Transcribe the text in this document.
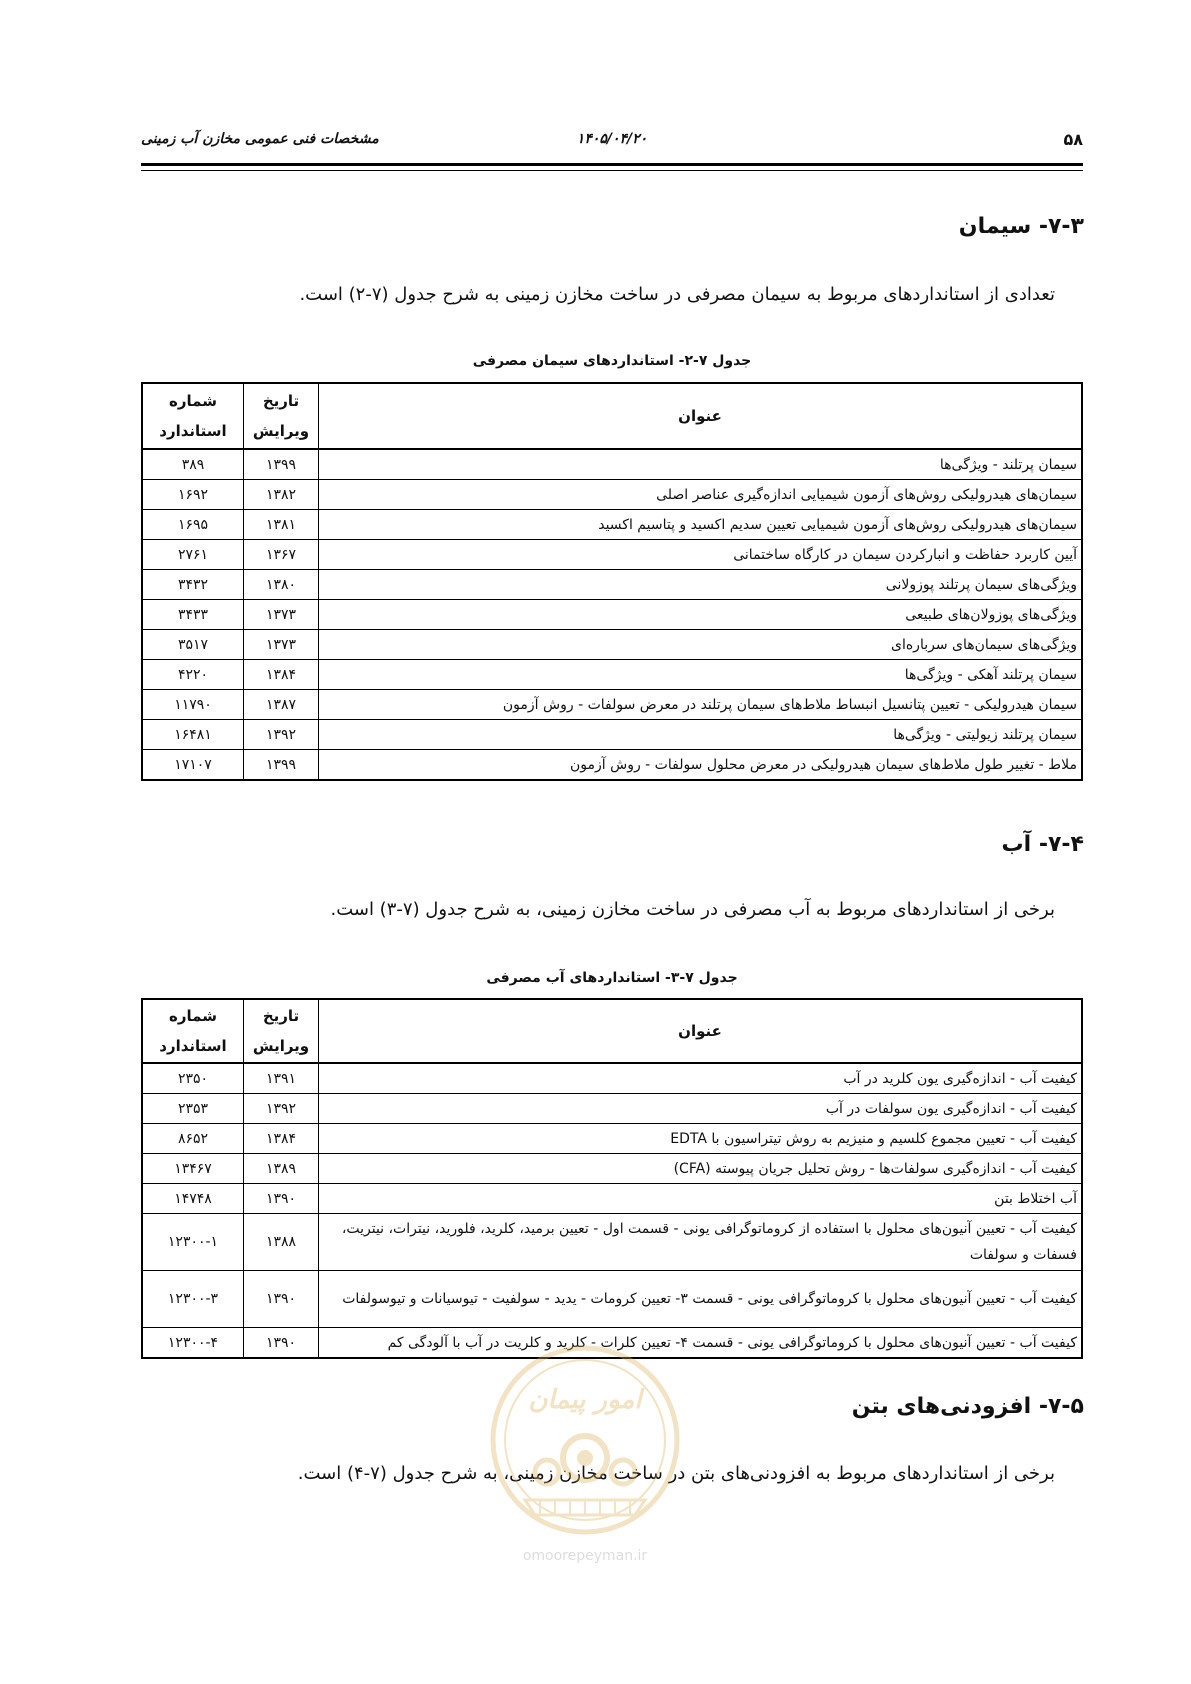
۵۸
۱۴۰۵/۰۴/۲۰
مشخصات فنی عمومی مخازن آب زمینی
۷-۳- سیمان
تعدادی از استانداردهای مربوط به سیمان مصرفی در ساخت مخازن زمینی به شرح جدول (۷-۲) است.
جدول ۷-۲- استانداردهای سیمان مصرفی
عنوان	تاریخ ویرایش	شماره استاندارد
سیمان پرتلند - ویژگی‌ها	۱۳۹۹	۳۸۹
سیمان‌های هیدرولیکی روش‌های آزمون شیمیایی اندازه‌گیری عناصر اصلی	۱۳۸۲	۱۶۹۲
سیمان‌های هیدرولیکی روش‌های آزمون شیمیایی تعیین سدیم اکسید و پتاسیم اکسید	۱۳۸۱	۱۶۹۵
آیین کاربرد حفاظت و انبارکردن سیمان در کارگاه ساختمانی	۱۳۶۷	۲۷۶۱
ویژگی‌های سیمان پرتلند پوزولانی	۱۳۸۰	۳۴۳۲
ویژگی‌های پوزولان‌های طبیعی	۱۳۷۳	۳۴۳۳
ویژگی‌های سیمان‌های سرباره‌ای	۱۳۷۳	۳۵۱۷
سیمان پرتلند آهکی - ویژگی‌ها	۱۳۸۴	۴۲۲۰
سیمان هیدرولیکی - تعیین پتانسیل انبساط ملاط‌های سیمان پرتلند در معرض سولفات - روش آزمون	۱۳۸۷	۱۱۷۹۰
سیمان پرتلند زیولیتی - ویژگی‌ها	۱۳۹۲	۱۶۴۸۱
ملاط - تغییر طول ملاط‌های سیمان هیدرولیکی در معرض محلول سولفات - روش آزمون	۱۳۹۹	۱۷۱۰۷
۷-۴- آب
برخی از استانداردهای مربوط به آب مصرفی در ساخت مخازن زمینی، به شرح جدول (۷-۳) است.
جدول ۷-۳- استانداردهای آب مصرفی
عنوان	تاریخ ویرایش	شماره استاندارد
کیفیت آب - اندازه‌گیری یون کلرید در آب	۱۳۹۱	۲۳۵۰
کیفیت آب - اندازه‌گیری یون سولفات در آب	۱۳۹۲	۲۳۵۳
کیفیت آب - تعیین مجموع کلسیم و منیزیم به روش تیتراسیون با EDTA	۱۳۸۴	۸۶۵۲
کیفیت آب - اندازه‌گیری سولفات‌ها - روش تحلیل جریان پیوسته (CFA)	۱۳۸۹	۱۳۴۶۷
آب اختلاط بتن	۱۳۹۰	۱۴۷۴۸
کیفیت آب - تعیین آنیون‌های محلول با استفاده از کروماتوگرافی یونی - قسمت اول - تعیین برمید، کلرید، فلورید، نیترات، نیتریت، فسفات و سولفات	۱۳۸۸	۱۲۳۰۰-۱
کیفیت آب - تعیین آنیون‌های محلول با کروماتوگرافی یونی - قسمت ۳- تعیین کرومات - یدید - سولفیت - تیوسیانات و تیوسولفات	۱۳۹۰	۱۲۳۰۰-۳
کیفیت آب - تعیین آنیون‌های محلول با کروماتوگرافی یونی - قسمت ۴- تعیین کلرات - کلرید و کلریت در آب با آلودگی کم	۱۳۹۰	۱۲۳۰۰-۴
۷-۵- افزودنی‌های بتن
برخی از استانداردهای مربوط به افزودنی‌های بتن در ساخت مخازن زمینی، به شرح جدول (۷-۴) است.
امور پیمان
omoorepeyman.ir
